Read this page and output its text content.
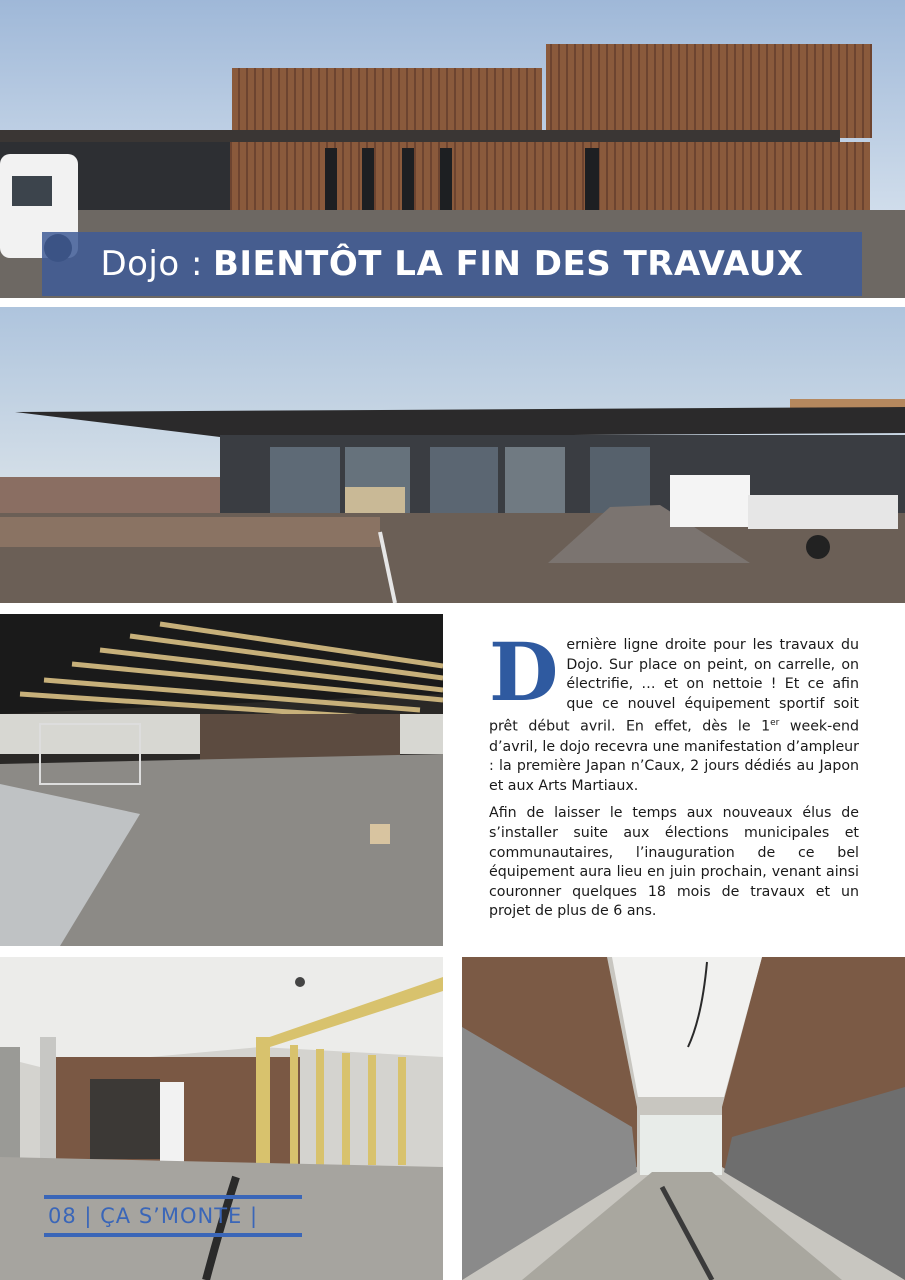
Dojo : BIENTÔT LA FIN DES TRAVAUX

Dernière ligne droite pour les travaux du Dojo. Sur place on peint, on carrelle, on électrifie, … et on nettoie ! Et ce afin que ce nouvel équipement sportif soit prêt début avril. En effet, dès le 1er week-end d’avril, le dojo recevra une manifestation d’ampleur : la première Japan n’Caux, 2 jours dédiés au Japon et aux Arts Martiaux.

Afin de laisser le temps aux nouveaux élus de s’installer suite aux élections municipales et communautaires, l’inauguration de ce bel équipement aura lieu en juin prochain, venant ainsi couronner quelques 18 mois de travaux et un projet de plus de 6 ans.

08 | ÇA S’MONTE |
